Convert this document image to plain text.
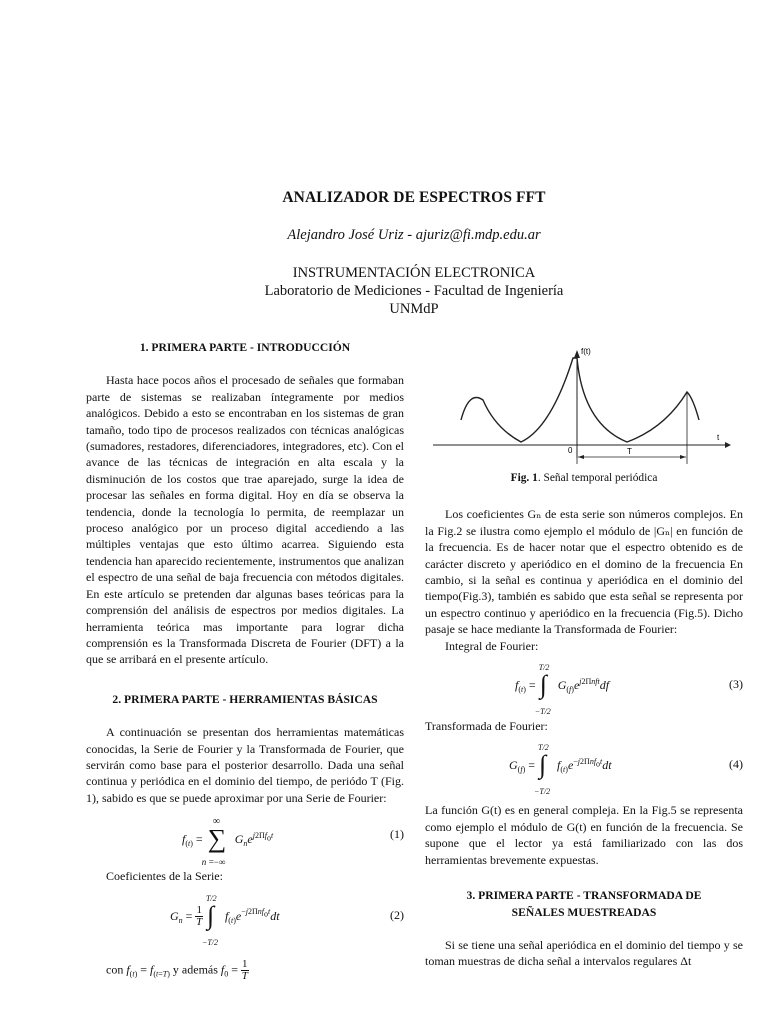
ANALIZADOR DE ESPECTROS FFT
Alejandro José Uriz - ajuriz@fi.mdp.edu.ar
INSTRUMENTACIÓN ELECTRONICA
Laboratorio de Mediciones - Facultad de Ingeniería
UNMdP
1. PRIMERA PARTE - INTRODUCCIÓN

Hasta hace pocos años el procesado de señales que formaban parte de sistemas se realizaban íntegramente por medios analógicos. Debido a esto se encontraban en los sistemas de gran tamaño, todo tipo de procesos realizados con técnicas analógicas (sumadores, restadores, diferenciadores, integradores, etc). Con el avance de las técnicas de integración en alta escala y la disminución de los costos que trae aparejado, surge la idea de procesar las señales en forma digital. Hoy en día se observa la tendencia, donde la tecnología lo permita, de reemplazar un proceso analógico por un proceso digital accediendo a las múltiples ventajas que esto último acarrea. Siguiendo esta tendencia han aparecido recientemente, instrumentos que analizan el espectro de una señal de baja frecuencia con métodos digitales. En este artículo se pretenden dar algunas bases teóricas para la comprensión del análisis de espectros por medios digitales. La herramienta teórica mas importante para lograr dicha comprensión es la Transformada Discreta de Fourier (DFT) a la que se arribará en el presente artículo.

2. PRIMERA PARTE - HERRAMIENTAS BÁSICAS

A continuación se presentan dos herramientas matemáticas conocidas, la Serie de Fourier y la Transformada de Fourier, que servirán como base para el posterior desarrollo. Dada una señal continua y periódica en el dominio del tiempo, de periódo T (Fig. 1), sabido es que se puede aproximar por una Serie de Fourier:

$f_{(t)}$ =
∞
∑
n =−∞
$G_ne^{j2\Pi f_ot}$	(1)

Coeficientes de la Serie:

$G_n = \frac{1}{T}$

T/2
∫
−T/2
$f_{(t)}e^{-j2\Pi nf_ot}dt$	(2)
con $f_{(t)} = f_{(t=T)}$ y además $f_0 = \frac{1}{T}$
f(t)
t
0	T
Fig. 1. Señal temporal periódica

Los coeficientes Gₙ de esta serie son números complejos. En la Fig.2 se ilustra como ejemplo el módulo de |Gₙ| en función de la frecuencia. Es de hacer notar que el espectro obtenido es de carácter discreto y aperiódico en el domino de la frecuencia En cambio, si la señal es continua y aperiódica en el dominio del tiempo(Fig.3), también es sabido que esta señal se representa por un espectro continuo y aperiódico en la frecuencia (Fig.5). Dicho pasaje se hace mediante la Transformada de Fourier:

Integral de Fourier:

$f_{(t)}$ =
T/2
∫
−T/2
$G_{(f)}e^{j2\Pi nft}df$	(3)

Transformada de Fourier:

$G_{(f)}$ =
T/2
∫
−T/2
$f_{(t)}e^{-j2\Pi nf_ot}dt$	(4)

La función G(t) es en general compleja. En la Fig.5 se representa como ejemplo el módulo de G(t) en función de la frecuencia. Se supone que el lector ya está familiarizado con las dos herramientas brevemente expuestas.

3. PRIMERA PARTE - TRANSFORMADA DE
SEÑALES MUESTREADAS

Si se tiene una señal aperiódica en el dominio del tiempo y se toman muestras de dicha señal a intervalos regulares Δt
